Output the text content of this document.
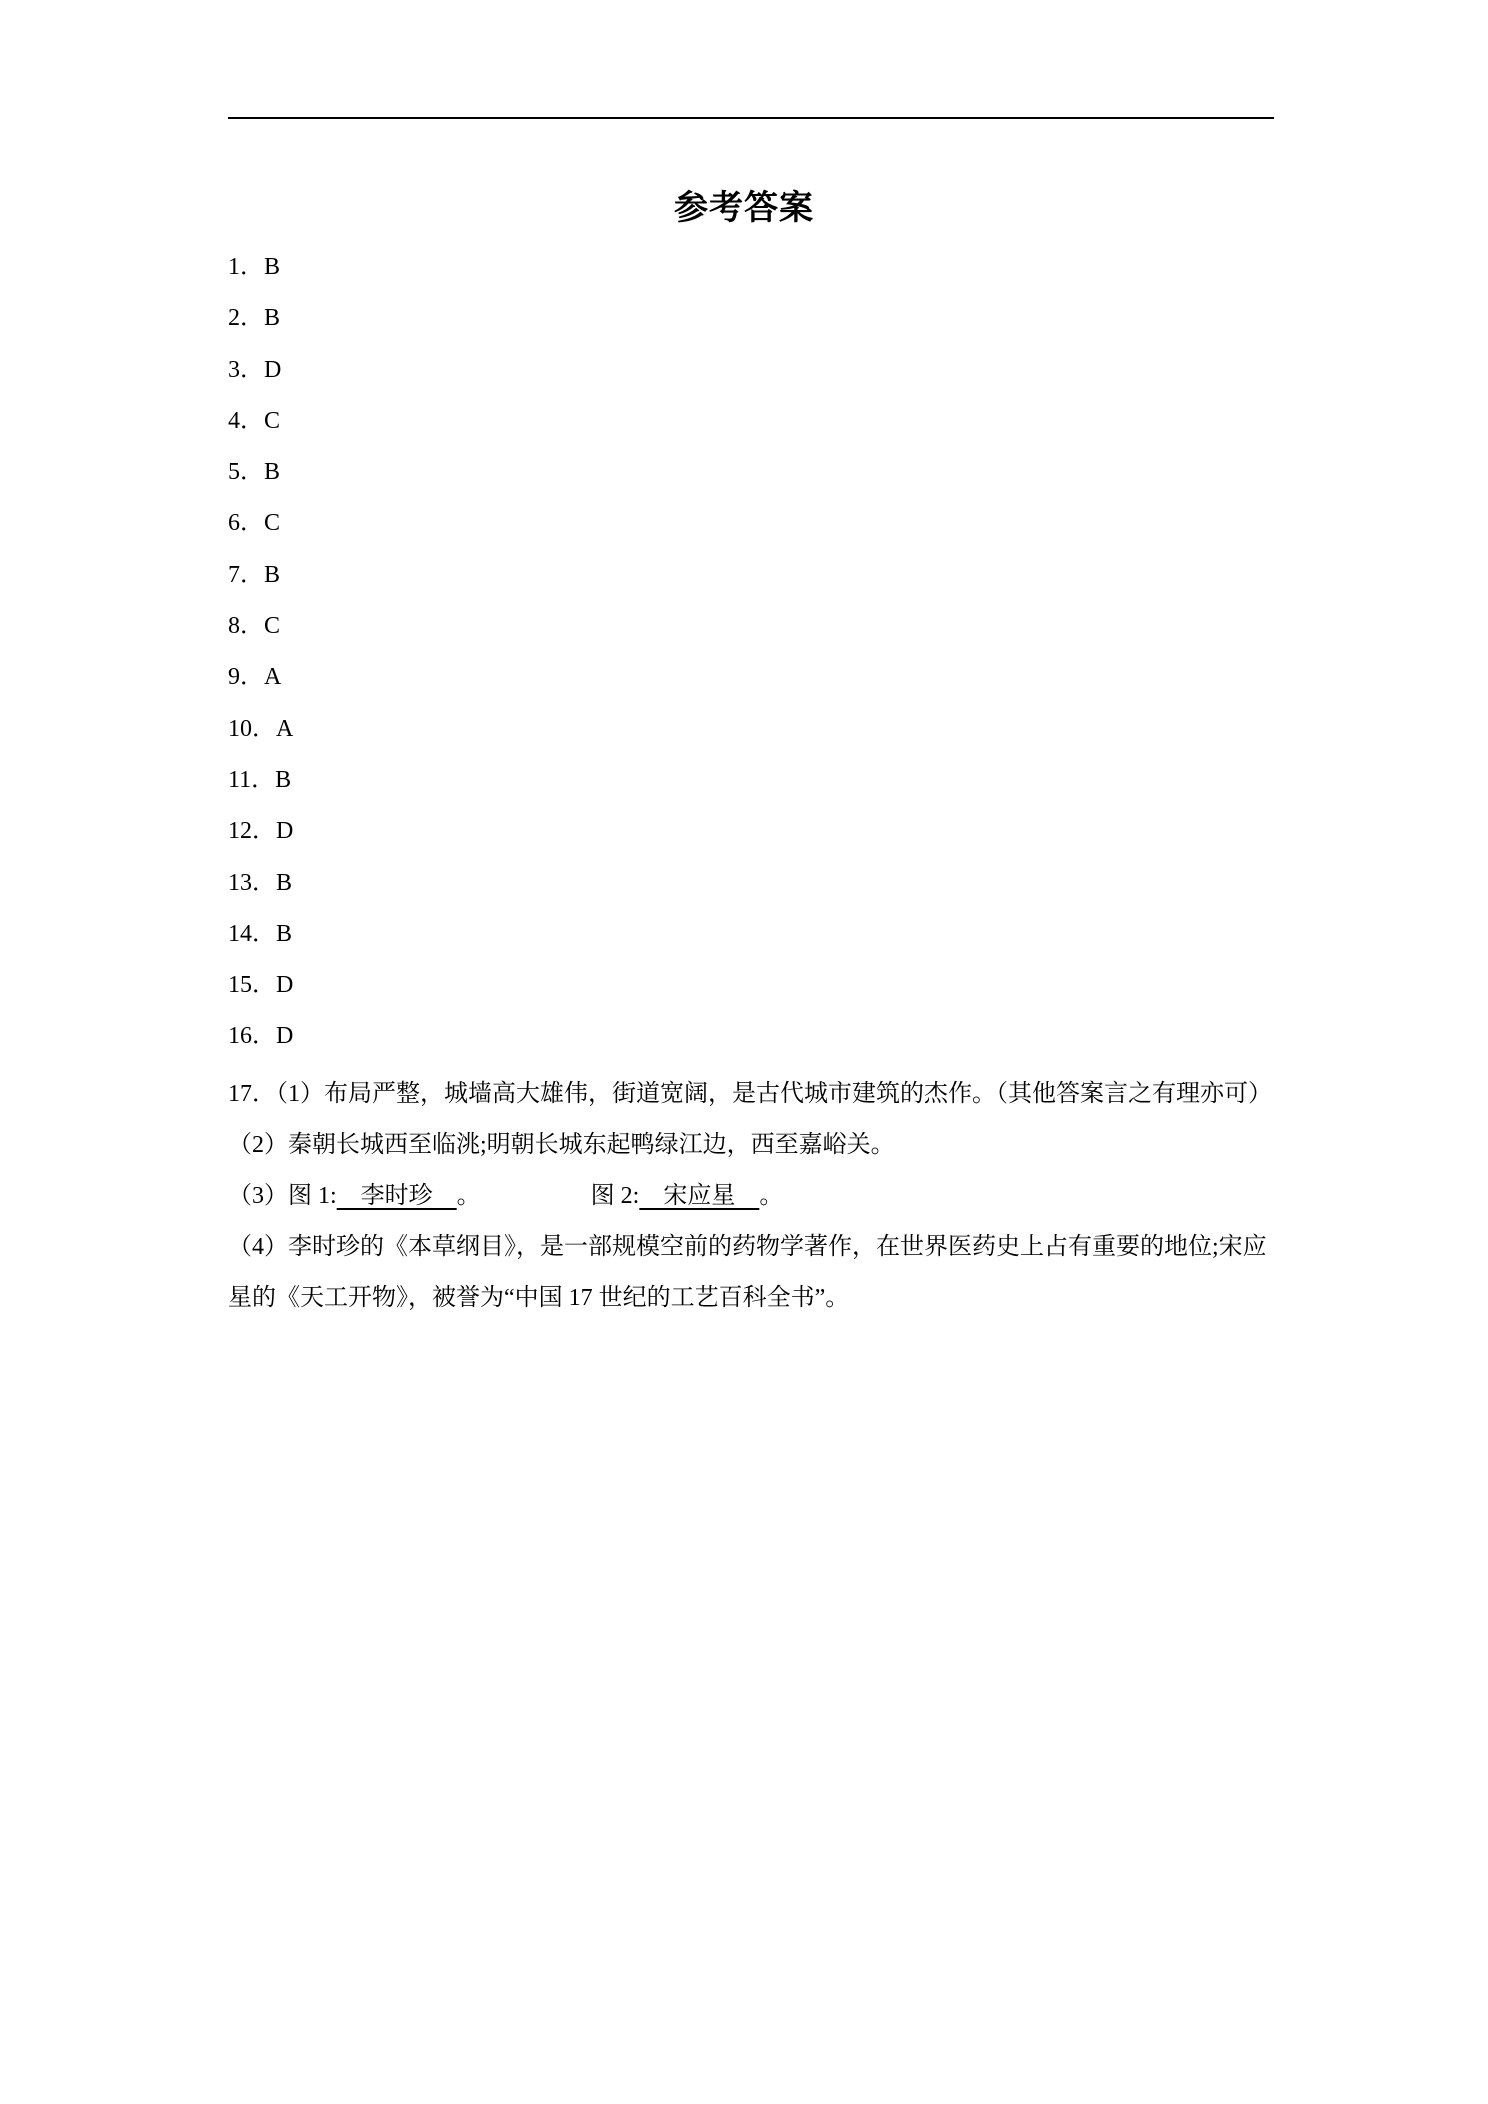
参考答案
1．B
2．B
3．D
4．C
5．B
6．C
7．B
8．C
9．A
10．A
11．B
12．D
13．B
14．B
15．D
16．D
17．（1）布局严整，城墙高大雄伟，街道宽阔，是古代城市建筑的杰作。（其他答案言之有理亦可）
（2）秦朝长城西至临洮;明朝长城东起鸭绿江边，西至嘉峪关。
（3）图 1:　李时珍　。	图 2:　宋应星　。
（4）李时珍的《本草纲目》，是一部规模空前的药物学著作，在世界医药史上占有重要的地位;宋应星的《天工开物》，被誉为“中国 17 世纪的工艺百科全书”。
